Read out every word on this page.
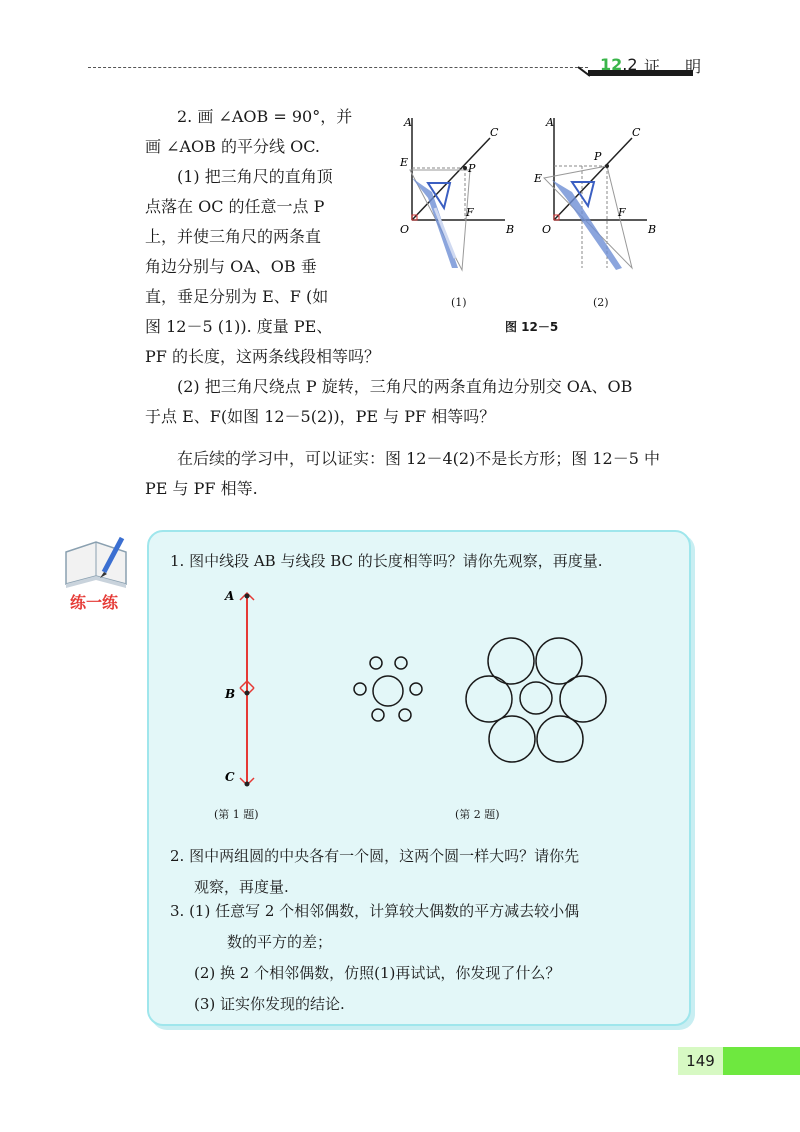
12.2 证 明

2. 画 ∠AOB = 90°，并

画 ∠AOB 的平分线 OC.

(1) 把三角尺的直角顶

点落在 OC 的任意一点 P

上，并使三角尺的两条直

角边分别与 OA、OB 垂

直，垂足分别为 E、F (如

图 12－5 (1)). 度量 PE、

PF 的长度，这两条线段相等吗？

(2) 把三角尺绕点 P 旋转，三角尺的两条直角边分别交 OA、OB

于点 E、F(如图 12－5(2))，PE 与 PF 相等吗？

A
B
C
O
E
F
P
A
B
C
O
E
F
P
(1)	(2)
图 12－5

在后续的学习中，可以证实：图 12－4(2)不是长方形；图 12－5 中

PE 与 PF 相等.

练一练

1. 图中线段 AB 与线段 BC 的长度相等吗？请你先观察，再度量.

A
B
C
(第 1 题)	(第 2 题)

2. 图中两组圆的中央各有一个圆，这两个圆一样大吗？请你先

观察，再度量.

3. (1) 任意写 2 个相邻偶数，计算较大偶数的平方减去较小偶

数的平方的差；

(2) 换 2 个相邻偶数，仿照(1)再试试，你发现了什么？

(3) 证实你发现的结论.

149
